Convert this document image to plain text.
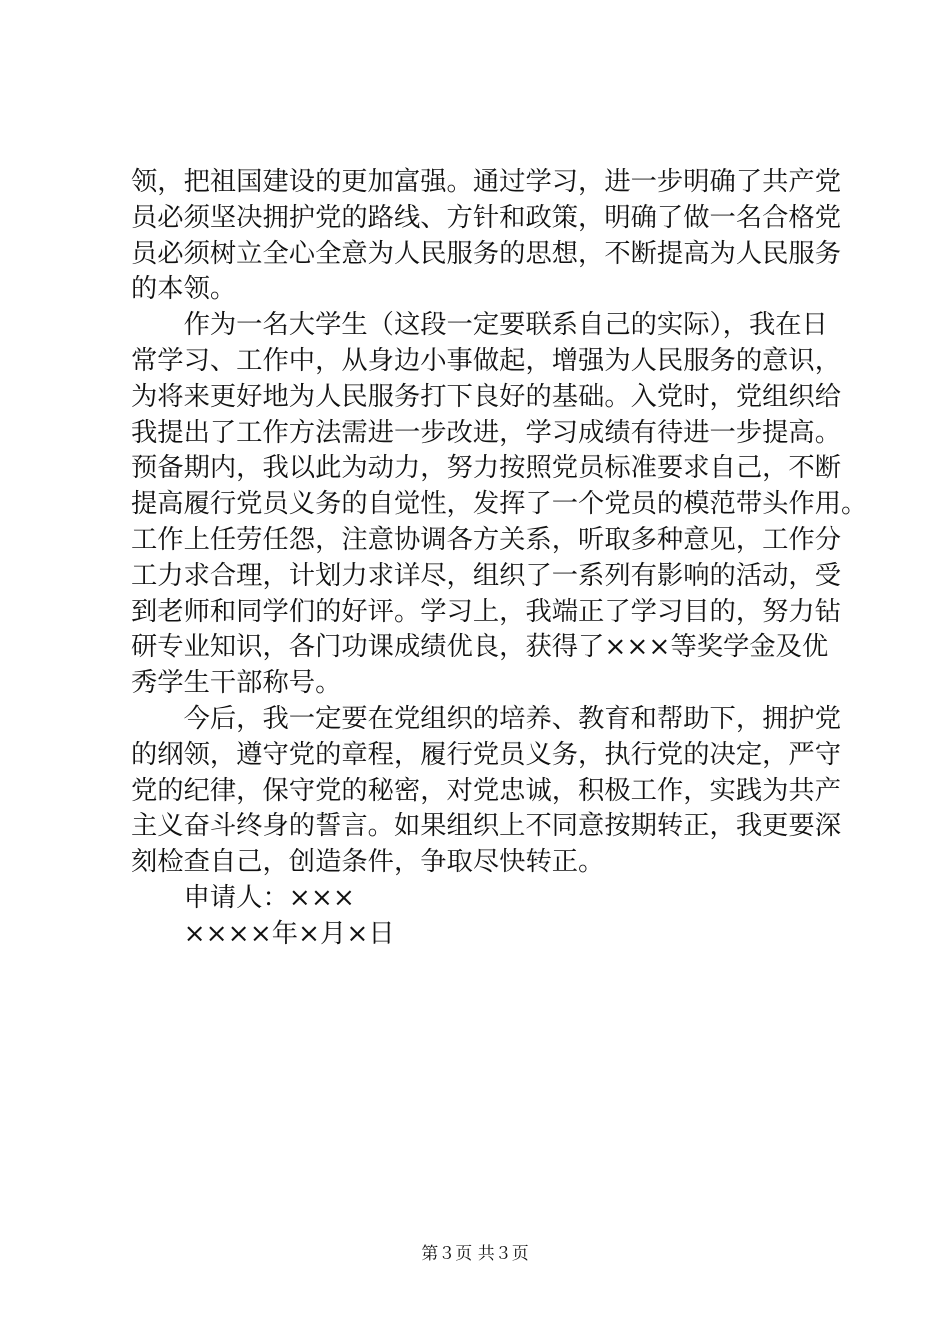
领，把祖国建设的更加富强。通过学习，进一步明确了共产党
员必须坚决拥护党的路线、方针和政策，明确了做一名合格党
员必须树立全心全意为人民服务的思想，不断提高为人民服务
的本领。
　　作为一名大学生（这段一定要联系自己的实际），我在日
常学习、工作中，从身边小事做起，增强为人民服务的意识，
为将来更好地为人民服务打下良好的基础。入党时，党组织给
我提出了工作方法需进一步改进，学习成绩有待进一步提高。
预备期内，我以此为动力，努力按照党员标准要求自己，不断
提高履行党员义务的自觉性，发挥了一个党员的模范带头作用。
工作上任劳任怨，注意协调各方关系，听取多种意见，工作分
工力求合理，计划力求详尽，组织了一系列有影响的活动，受
到老师和同学们的好评。学习上，我端正了学习目的，努力钻
研专业知识，各门功课成绩优良，获得了×××等奖学金及优
秀学生干部称号。
　　今后，我一定要在党组织的培养、教育和帮助下，拥护党
的纲领，遵守党的章程，履行党员义务，执行党的决定，严守
党的纪律，保守党的秘密，对党忠诚，积极工作，实践为共产
主义奋斗终身的誓言。如果组织上不同意按期转正，我更要深
刻检查自己，创造条件，争取尽快转正。
　　申请人：×××
　　××××年×月×日
第３页 共３页
